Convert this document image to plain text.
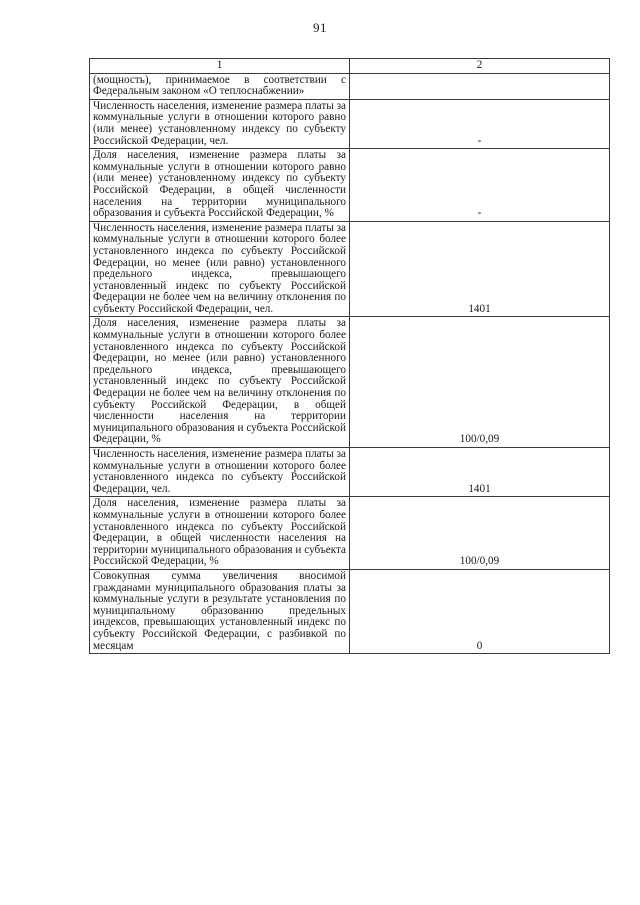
91
1	2
(мощность), принимаемое в соответствии с Федеральным законом «О теплоснабжении»	
Численность населения, изменение размера платы за коммунальные услуги в отношении которого равно (или менее) установленному индексу по субъекту Российской Федерации, чел.	-
Доля населения, изменение размера платы за коммунальные услуги в отношении которого равно (или менее) установленному индексу по субъекту Российской Федерации, в общей численности населения на территории муниципального образования и субъекта Российской Федерации, %	-
Численность населения, изменение размера платы за коммунальные услуги в отношении которого более установленного индекса по субъекту Российской Федерации, но менее (или равно) установленного предельного индекса, превышающего установленный индекс по субъекту Российской Федерации не более чем на величину отклонения по субъекту Российской Федерации, чел.	1401
Доля населения, изменение размера платы за коммунальные услуги в отношении которого более установленного индекса по субъекту Российской Федерации, но менее (или равно) установленного предельного индекса, превышающего установленный индекс по субъекту Российской Федерации не более чем на величину отклонения по субъекту Российской Федерации, в общей численности населения на территории муниципального образования и субъекта Российской Федерации, %	100/0,09
Численность населения, изменение размера платы за коммунальные услуги в отношении которого более установленного индекса по субъекту Российской Федерации, чел.	1401
Доля населения, изменение размера платы за коммунальные услуги в отношении которого более установленного индекса по субъекту Российской Федерации, в общей численности населения на территории муниципального образования и субъекта Российской Федерации, %	100/0,09
Совокупная сумма увеличения вносимой гражданами муниципального образования платы за коммунальные услуги в результате установления по муниципальному образованию предельных индексов, превышающих установленный индекс по субъекту Российской Федерации, с разбивкой по месяцам	0
